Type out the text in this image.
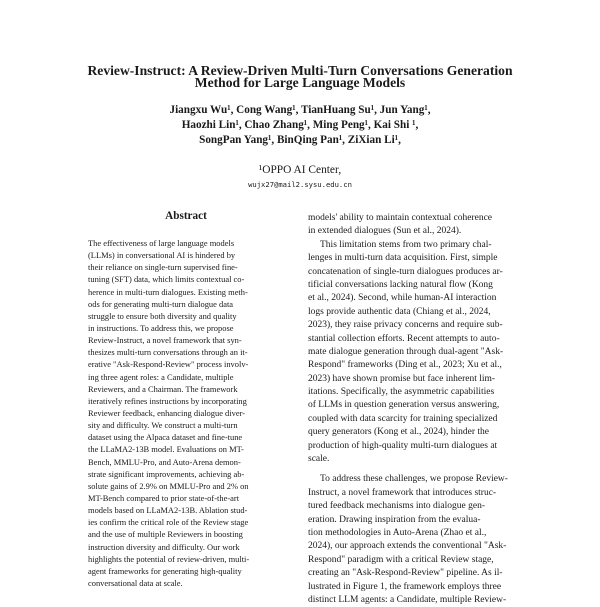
Review-Instruct: A Review-Driven Multi-Turn Conversations Generation
Method for Large Language Models
Jiangxu Wu¹, Cong Wang¹, TianHuang Su¹, Jun Yang¹,
Haozhi Lin¹, Chao Zhang¹, Ming Peng¹, Kai Shi ¹,
SongPan Yang¹, BinQing Pan¹, ZiXian Li¹,
¹OPPO AI Center,
wujx27@mail2.sysu.edu.cn
Abstract
The effectiveness of large language models
(LLMs) in conversational AI is hindered by
their reliance on single-turn supervised fine-
tuning (SFT) data, which limits contextual co-
herence in multi-turn dialogues. Existing meth-
ods for generating multi-turn dialogue data
struggle to ensure both diversity and quality
in instructions. To address this, we propose
Review-Instruct, a novel framework that syn-
thesizes multi-turn conversations through an it-
erative "Ask-Respond-Review" process involv-
ing three agent roles: a Candidate, multiple
Reviewers, and a Chairman. The framework
iteratively refines instructions by incorporating
Reviewer feedback, enhancing dialogue diver-
sity and difficulty. We construct a multi-turn
dataset using the Alpaca dataset and fine-tune
the LLaMA2-13B model. Evaluations on MT-
Bench, MMLU-Pro, and Auto-Arena demon-
strate significant improvements, achieving ab-
solute gains of 2.9% on MMLU-Pro and 2% on
MT-Bench compared to prior state-of-the-art
models based on LLaMA2-13B. Ablation stud-
ies confirm the critical role of the Review stage
and the use of multiple Reviewers in boosting
instruction diversity and difficulty. Our work
highlights the potential of review-driven, multi-
agent frameworks for generating high-quality
conversational data at scale.
models' ability to maintain contextual coherence
in extended dialogues (Sun et al., 2024).
This limitation stems from two primary chal-
lenges in multi-turn data acquisition. First, simple
concatenation of single-turn dialogues produces ar-
tificial conversations lacking natural flow (Kong
et al., 2024). Second, while human-AI interaction
logs provide authentic data (Chiang et al., 2024,
2023), they raise privacy concerns and require sub-
stantial collection efforts. Recent attempts to auto-
mate dialogue generation through dual-agent "Ask-
Respond" frameworks (Ding et al., 2023; Xu et al.,
2023) have shown promise but face inherent lim-
itations. Specifically, the asymmetric capabilities
of LLMs in question generation versus answering,
coupled with data scarcity for training specialized
query generators (Kong et al., 2024), hinder the
production of high-quality multi-turn dialogues at
scale.
To address these challenges, we propose Review-
Instruct, a novel framework that introduces struc-
tured feedback mechanisms into dialogue gen-
eration. Drawing inspiration from the evalua-
tion methodologies in Auto-Arena (Zhao et al.,
2024), our approach extends the conventional "Ask-
Respond" paradigm with a critical Review stage,
creating an "Ask-Respond-Review" pipeline. As il-
lustrated in Figure 1, the framework employs three
distinct LLM agents: a Candidate, multiple Review-
